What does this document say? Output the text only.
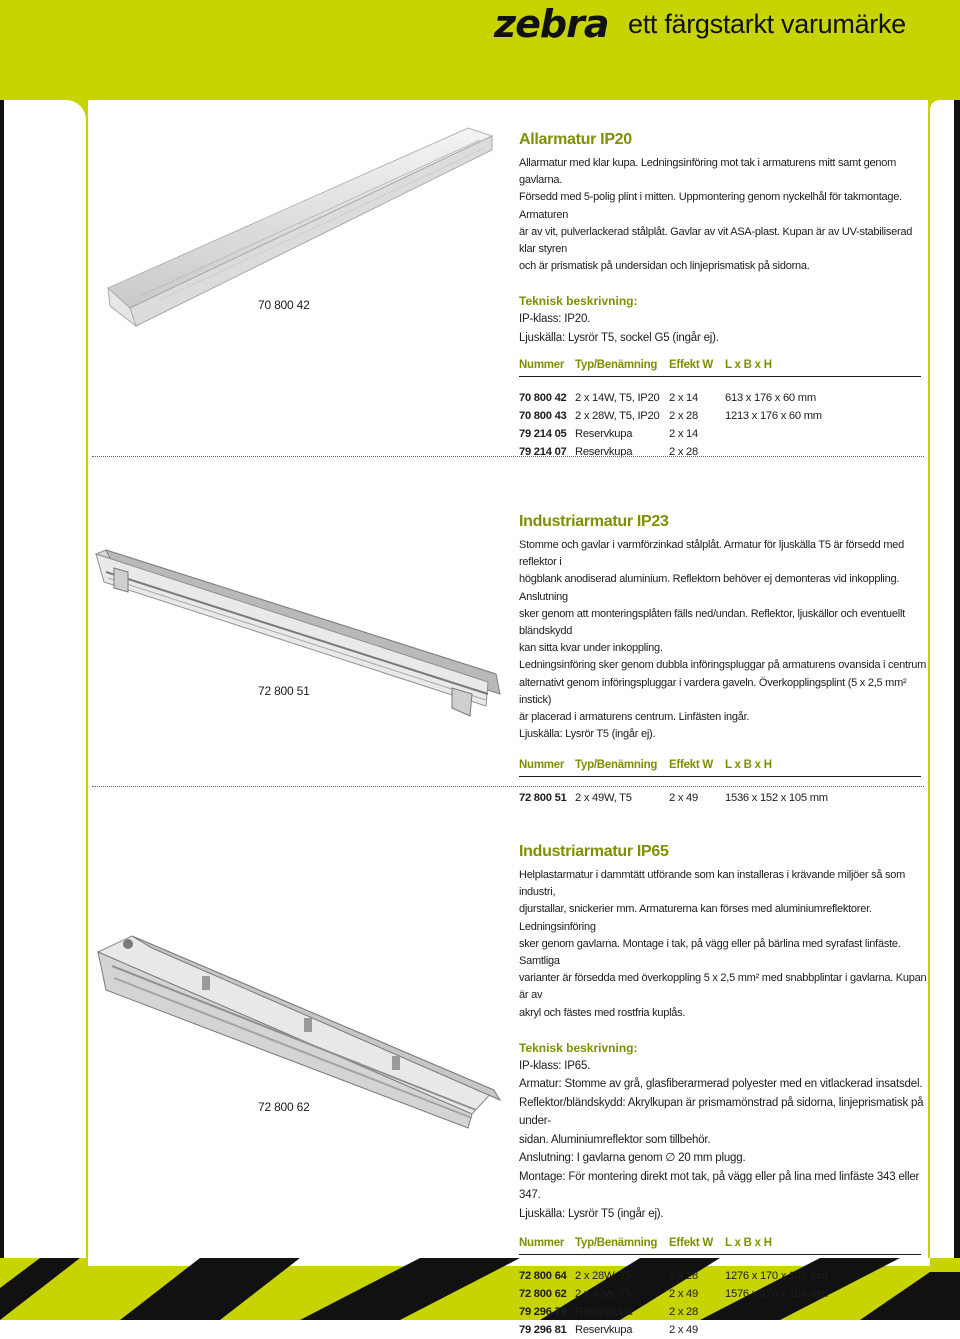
zebra ett färgstarkt varumärke
8
70 800 42
Allarmatur IP20
Allarmatur med klar kupa. Ledningsinföring mot tak i armaturens mitt samt genom gavlarna.
Försedd med 5-polig plint i mitten. Uppmontering genom nyckelhål för takmontage. Armaturen
är av vit, pulverlackerad stålplåt. Gavlar av vit ASA-plast. Kupan är av UV-stabiliserad klar styren
och är prismatisk på undersidan och linjeprismatisk på sidorna.
Teknisk beskrivning:
IP-klass: IP20.
Ljuskälla: Lysrör T5, sockel G5 (ingår ej).
Nummer	Typ/Benämning	Effekt W	L x B x H
70 800 42	2 x 14W, T5, IP20	2 x 14	613 x 176 x 60 mm
70 800 43	2 x 28W, T5, IP20	2 x 28	1213 x 176 x 60 mm
79 214 05	Reservkupa	2 x 14	
79 214 07	Reservkupa	2 x 28	
72 800 51
Industriarmatur IP23
Stomme och gavlar i varmförzinkad stålplåt. Armatur för ljuskälla T5 är försedd med reflektor i
högblank anodiserad aluminium. Reflektorn behöver ej demonteras vid inkoppling. Anslutning
sker genom att monteringsplåten fälls ned/undan. Reflektor, ljuskällor och eventuellt bländskydd
kan sitta kvar under inkoppling.
Ledningsinföring sker genom dubbla införingspluggar på armaturens ovansida i centrum
alternativt genom införingspluggar i vardera gaveln. Överkopplingsplint (5 x 2,5 mm² instick)
är placerad i armaturens centrum. Linfästen ingår.
Ljuskälla: Lysrör T5 (ingår ej).
Nummer	Typ/Benämning	Effekt W	L x B x H
72 800 51	2 x 49W, T5	2 x 49	1536 x 152 x 105 mm
72 800 62
Industriarmatur IP65
Helplastarmatur i dammtätt utförande som kan installeras i krävande miljöer så som industri,
djurstallar, snickerier mm. Armaturerna kan förses med aluminiumreflektorer. Ledningsinföring
sker genom gavlarna. Montage i tak, på vägg eller på bärlina med syrafast linfäste. Samtliga
varianter är försedda med överkoppling 5 x 2,5 mm² med snabbplintar i gavlarna. Kupan är av
akryl och fästes med rostfria kuplås.
Teknisk beskrivning:
IP-klass: IP65.
Armatur: Stomme av grå, glasfiberarmerad polyester med en vitlackerad insatsdel.
Reflektor/bländskydd: Akrylkupan är prismamönstrad på sidorna, linjeprismatisk på under-
sidan. Aluminiumreflektor som tillbehör.
Anslutning: I gavlarna genom ∅ 20 mm plugg.
Montage: För montering direkt mot tak, på vägg eller på lina med linfäste 343 eller 347.
Ljuskälla: Lysrör T5 (ingår ej).
Nummer	Typ/Benämning	Effekt W	L x B x H
72 800 64	2 x 28W, T5	2 x 28	1276 x 170 x 108 mm
72 800 62	2 x 49W, T5	2 x 49	1576 x 170 x 108 mm
79 296 79	Reservkupa	2 x 28	
79 296 81	Reservkupa	2 x 49	
